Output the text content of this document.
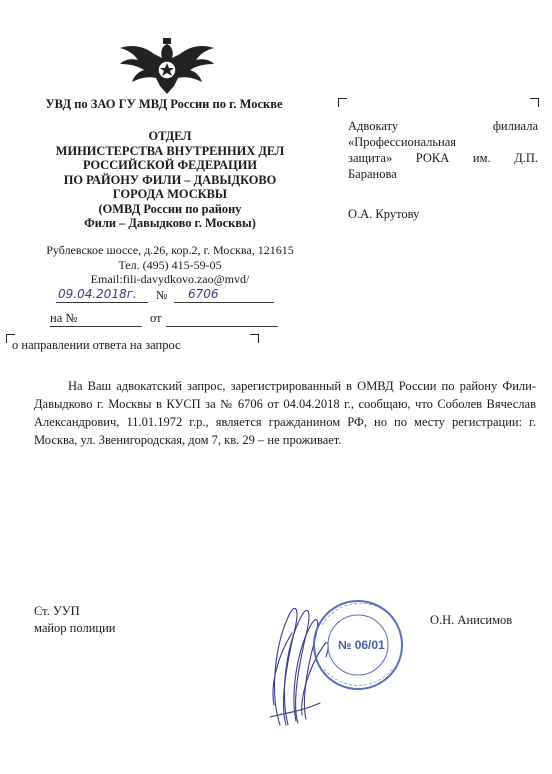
УВД по ЗАО ГУ МВД России по г. Москве
ОТДЕЛ
МИНИСТЕРСТВА ВНУТРЕННИХ ДЕЛ
РОССИЙСКОЙ ФЕДЕРАЦИИ
ПО РАЙОНУ ФИЛИ – ДАВЫДКОВО
ГОРОДА МОСКВЫ
(ОМВД России по району
Фили – Давыдково г. Москвы)
Рублевское шоссе, д.26, кор.2, г. Москва, 121615
Тел. (495) 415-59-05
Email:fili-davydkovo.zao@mvd/
09.04.2018г. № 6706
на №	от
о направлении ответа на запрос
Адвокату	филиала
«Профессиональная
защита» РОКА им. Д.П.
Баранова
О.А. Крутову

На Ваш адвокатский запрос, зарегистрированный в ОМВД России по району Фили-Давыдково г. Москвы в КУСП за № 6706 от 04.04.2018 г., сообщаю, что Соболев Вячеслав Александрович, 11.01.1972 г.р., является гражданином РФ, но по месту регистрации: г. Москва, ул. Звенигородская, дом 7, кв. 29 – не проживает.

Ст. УУП
майор полиции
№ 06/01
О.Н. Анисимов
